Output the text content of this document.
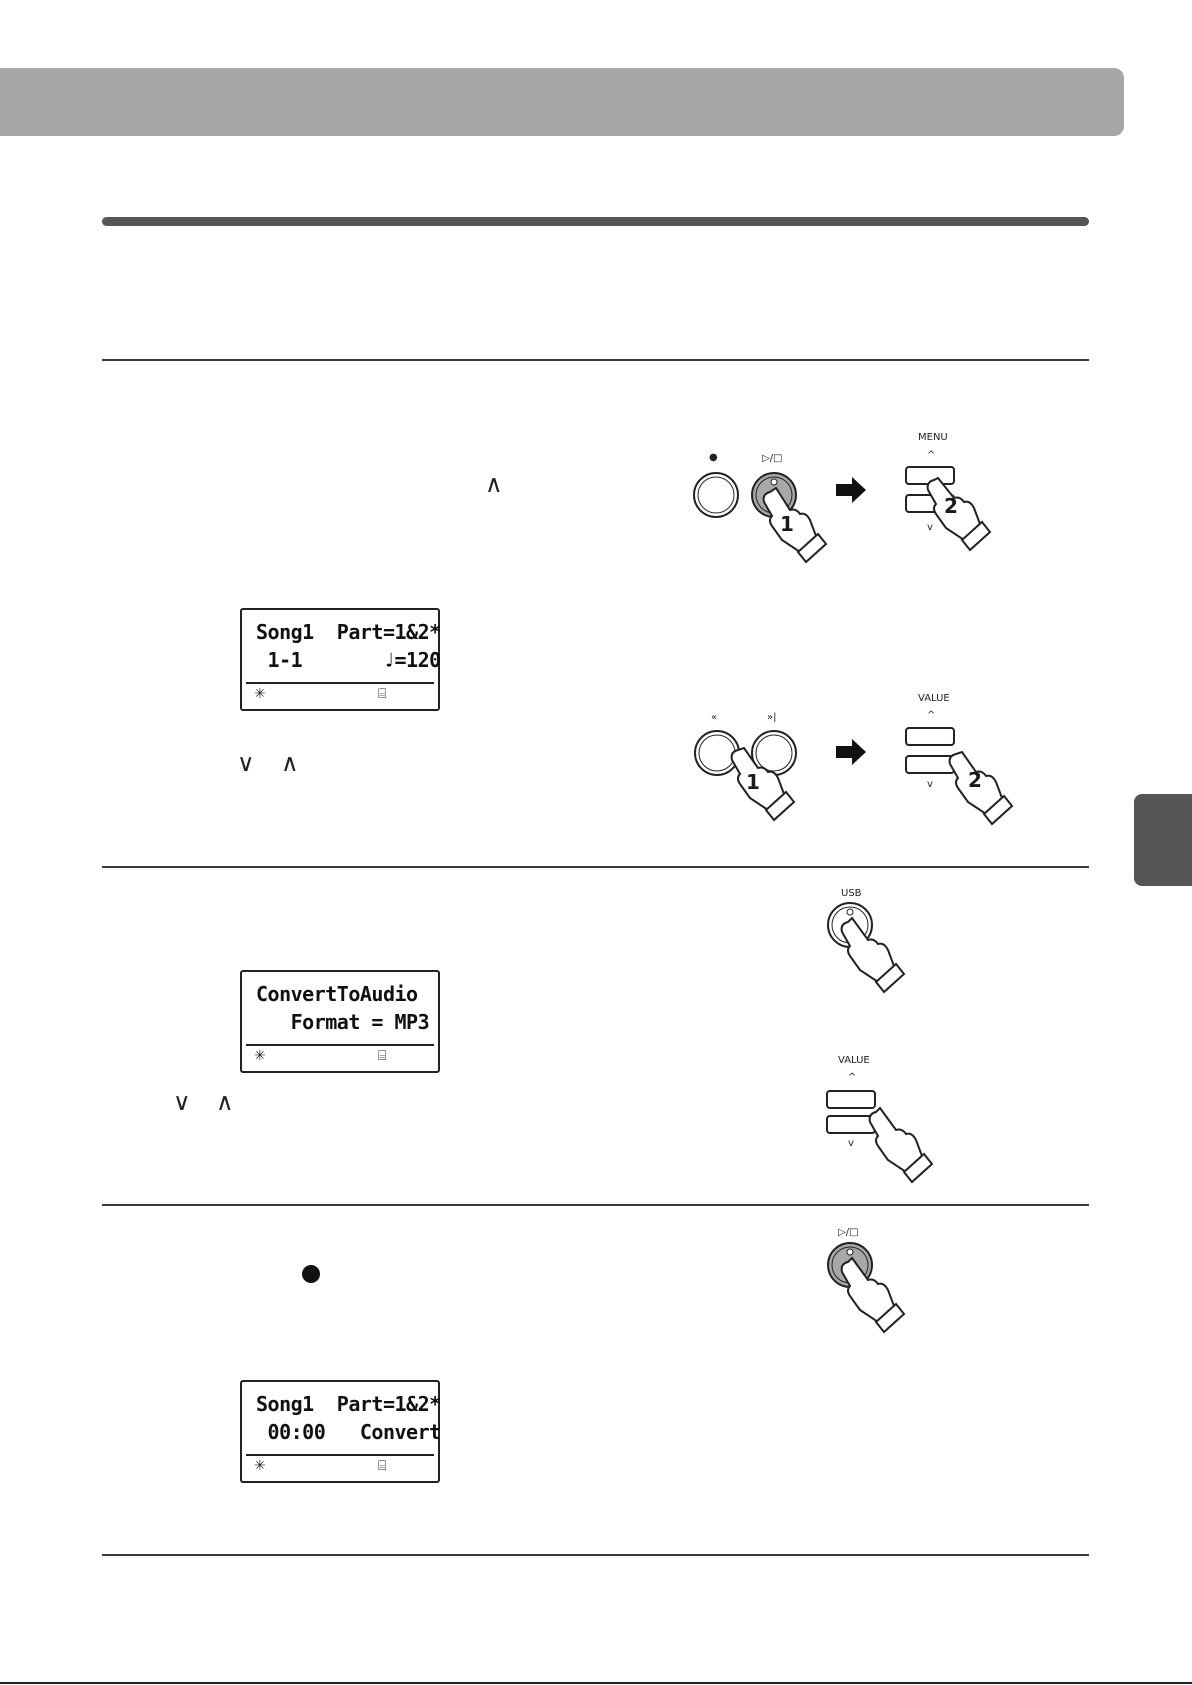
∧
∨ ∧
∨ ∧
Song1  Part=1&2*
1-1       ♩=120
✳	⌸
ConvertToAudio
Format = MP3
✳	⌸
Song1  Part=1&2*
00:00   Convert
✳	⌸
●	▷/□
MENU
^
v
1
2
1	2
«	»|
VALUE
^
v
USB
VALUE
^
v
▷/□
